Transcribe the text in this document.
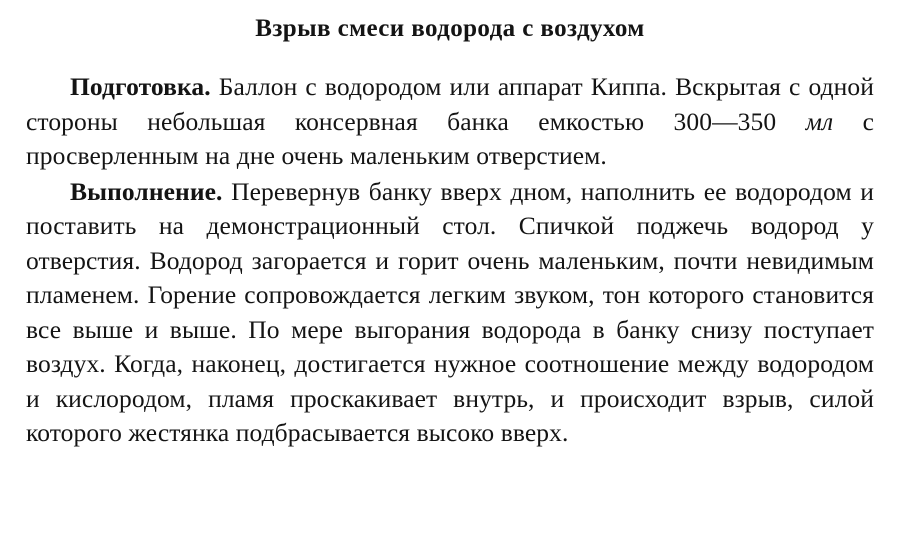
Взрыв смеси водорода с воздухом

Подготовка. Баллон с водородом или аппарат Киппа. Вскрытая с одной стороны небольшая консервная банка емкостью 300—350 мл с просверленным на дне очень маленьким отверстием.

Выполнение. Перевернув банку вверх дном, наполнить ее водородом и поставить на демонстрационный стол. Спичкой поджечь водород у отверстия. Водород загорается и горит очень маленьким, почти невидимым пламенем. Горение сопровождается легким звуком, тон которого становится все выше и выше. По мере выгорания водорода в банку снизу поступает воздух. Когда, наконец, достигается нужное соотношение между водородом и кислородом, пламя проскакивает внутрь, и происходит взрыв, силой которого жестянка подбрасывается высоко вверх.
